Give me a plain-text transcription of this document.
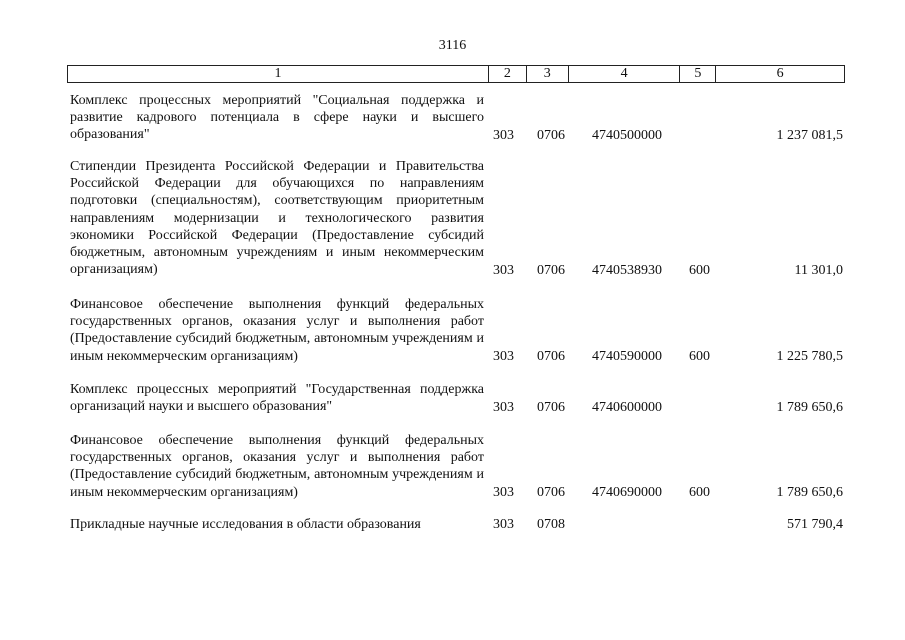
3116
1	2	3	4	5	6
Комплекс процессных мероприятий "Социальная поддержка и развитие кадрового потенциала в сфере науки и высшего образования"	303 0706 4740500000	1 237 081,5
Стипендии Президента Российской Федерации и Правительства Российской Федерации для обучающихся по направлениям подготовки (специальностям), соответствующим приоритетным направлениям модернизации и технологического развития экономики Российской Федерации (Предоставление субсидий бюджетным, автономным учреждениям и иным некоммерческим организациям)	303 0706 4740538930 600	11 301,0
Финансовое обеспечение выполнения функций федеральных государственных органов, оказания услуг и выполнения работ (Предоставление субсидий бюджетным, автономным учреждениям и иным некоммерческим организациям)	303 0706 4740590000 600	1 225 780,5
Комплекс процессных мероприятий "Государственная поддержка организаций науки и высшего образования"	303 0706 4740600000	1 789 650,6
Финансовое обеспечение выполнения функций федеральных государственных органов, оказания услуг и выполнения работ (Предоставление субсидий бюджетным, автономным учреждениям и иным некоммерческим организациям)	303 0706 4740690000 600	1 789 650,6
Прикладные научные исследования в области образования	303 0708	571 790,4
